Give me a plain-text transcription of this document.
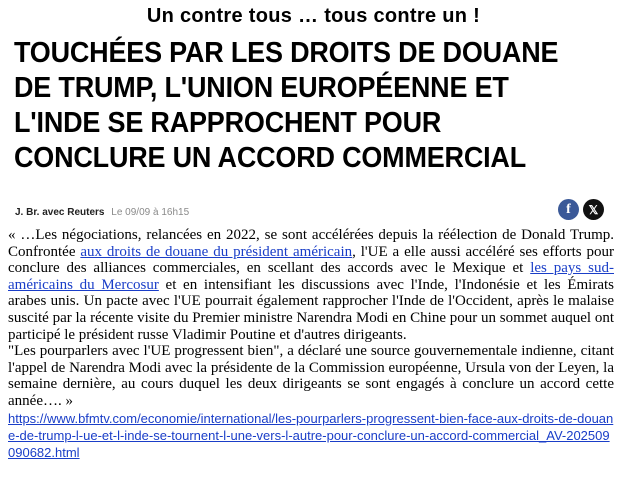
Un contre tous … tous contre un !
TOUCHÉES PAR LES DROITS DE DOUANE DE TRUMP, L'UNION EUROPÉENNE ET L'INDE SE RAPPROCHENT POUR CONCLURE UN ACCORD COMMERCIAL
J. Br. avec Reuters Le 09/09 à 16h15	f	𝕏

« …Les négociations, relancées en 2022, se sont accélérées depuis la réélection de Donald Trump. Confrontée aux droits de douane du président américain, l'UE a elle aussi accéléré ses efforts pour conclure des alliances commerciales, en scellant des accords avec le Mexique et les pays sud-américains du Mercosur et en intensifiant les discussions avec l'Inde, l'Indonésie et les Émirats arabes unis. Un pacte avec l'UE pourrait également rapprocher l'Inde de l'Occident, après le malaise suscité par la récente visite du Premier ministre Narendra Modi en Chine pour un sommet auquel ont participé le président russe Vladimir Poutine et d'autres dirigeants.

"Les pourparlers avec l'UE progressent bien", a déclaré une source gouvernementale indienne, citant l'appel de Narendra Modi avec la présidente de la Commission européenne, Ursula von der Leyen, la semaine dernière, au cours duquel les deux dirigeants se sont engagés à conclure un accord cette année…. »

https://www.bfmtv.com/economie/international/les-pourparlers-progressent-bien-face-aux-droits-de-douane-de-trump-l-ue-et-l-inde-se-tournent-l-une-vers-l-autre-pour-conclure-un-accord-commercial_AV-202509090682.html
